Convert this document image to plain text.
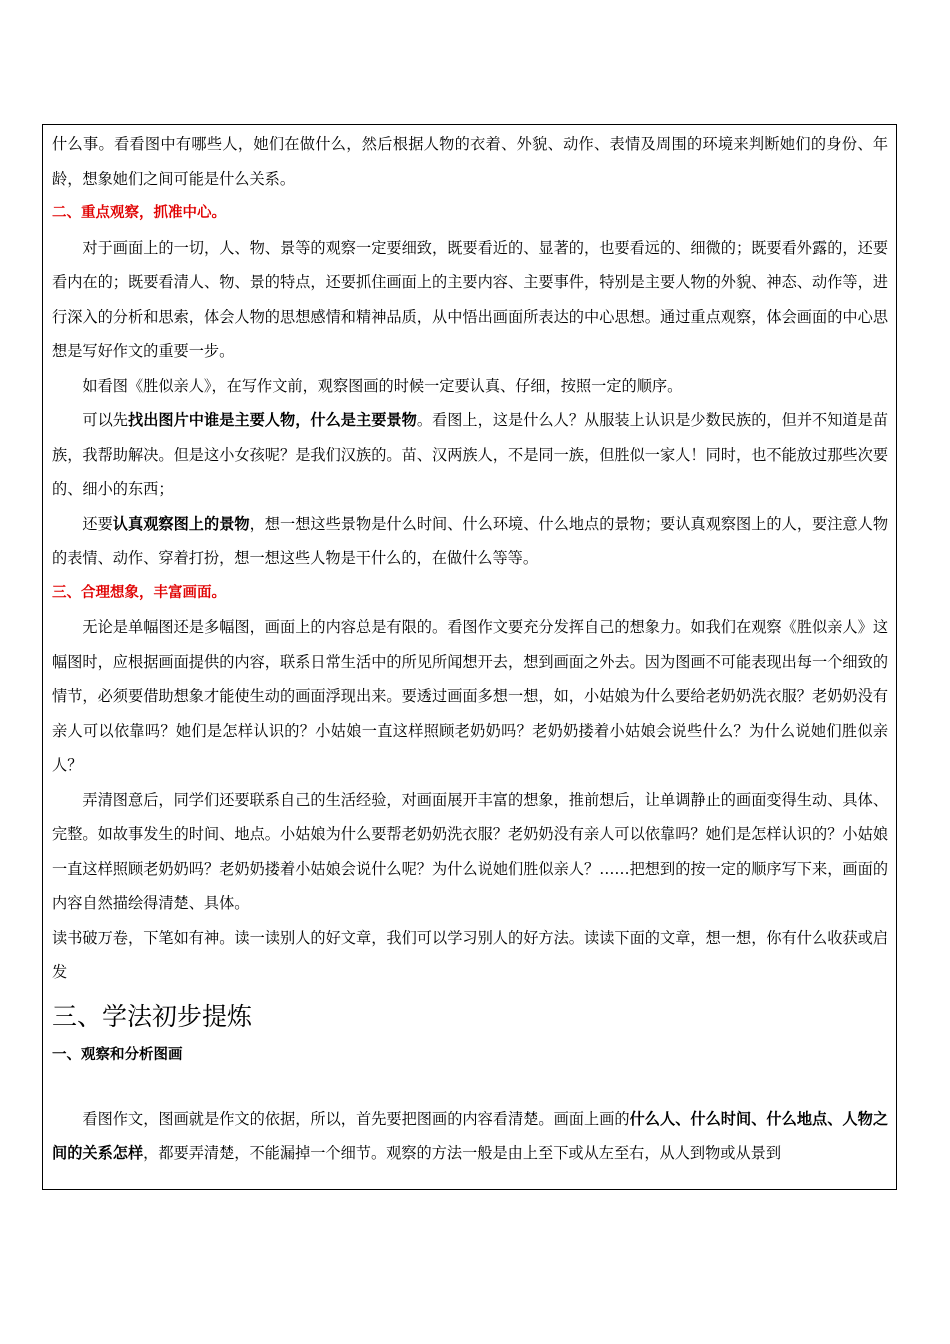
什么事。看看图中有哪些人，她们在做什么，然后根据人物的衣着、外貌、动作、表情及周围的环境来判断她们的身份、年龄，想象她们之间可能是什么关系。

二、重点观察，抓准中心。

对于画面上的一切，人、物、景等的观察一定要细致，既要看近的、显著的，也要看远的、细微的；既要看外露的，还要看内在的；既要看清人、物、景的特点，还要抓住画面上的主要内容、主要事件，特别是主要人物的外貌、神态、动作等，进行深入的分析和思索，体会人物的思想感情和精神品质，从中悟出画面所表达的中心思想。通过重点观察，体会画面的中心思想是写好作文的重要一步。

如看图《胜似亲人》，在写作文前，观察图画的时候一定要认真、仔细，按照一定的顺序。

可以先找出图片中谁是主要人物，什么是主要景物。看图上，这是什么人？从服装上认识是少数民族的，但并不知道是苗族，我帮助解决。但是这小女孩呢？是我们汉族的。苗、汉两族人，不是同一族，但胜似一家人！同时，也不能放过那些次要的、细小的东西；

还要认真观察图上的景物，想一想这些景物是什么时间、什么环境、什么地点的景物；要认真观察图上的人，要注意人物的表情、动作、穿着打扮，想一想这些人物是干什么的，在做什么等等。

三、合理想象，丰富画面。

无论是单幅图还是多幅图，画面上的内容总是有限的。看图作文要充分发挥自己的想象力。如我们在观察《胜似亲人》这幅图时，应根据画面提供的内容，联系日常生活中的所见所闻想开去，想到画面之外去。因为图画不可能表现出每一个细致的情节，必须要借助想象才能使生动的画面浮现出来。要透过画面多想一想，如，小姑娘为什么要给老奶奶洗衣服？老奶奶没有亲人可以依靠吗？她们是怎样认识的？小姑娘一直这样照顾老奶奶吗？老奶奶搂着小姑娘会说些什么？为什么说她们胜似亲人？

弄清图意后，同学们还要联系自己的生活经验，对画面展开丰富的想象，推前想后，让单调静止的画面变得生动、具体、完整。如故事发生的时间、地点。小姑娘为什么要帮老奶奶洗衣服？老奶奶没有亲人可以依靠吗？她们是怎样认识的？小姑娘一直这样照顾老奶奶吗？老奶奶搂着小姑娘会说什么呢？为什么说她们胜似亲人？……把想到的按一定的顺序写下来，画面的内容自然描绘得清楚、具体。

读书破万卷，下笔如有神。读一读别人的好文章，我们可以学习别人的好方法。读读下面的文章，想一想，你有什么收获或启发

三、学法初步提炼
一、观察和分析图画

看图作文，图画就是作文的依据，所以，首先要把图画的内容看清楚。画面上画的什么人、什么时间、什么地点、人物之间的关系怎样，都要弄清楚，不能漏掉一个细节。观察的方法一般是由上至下或从左至右，从人到物或从景到
